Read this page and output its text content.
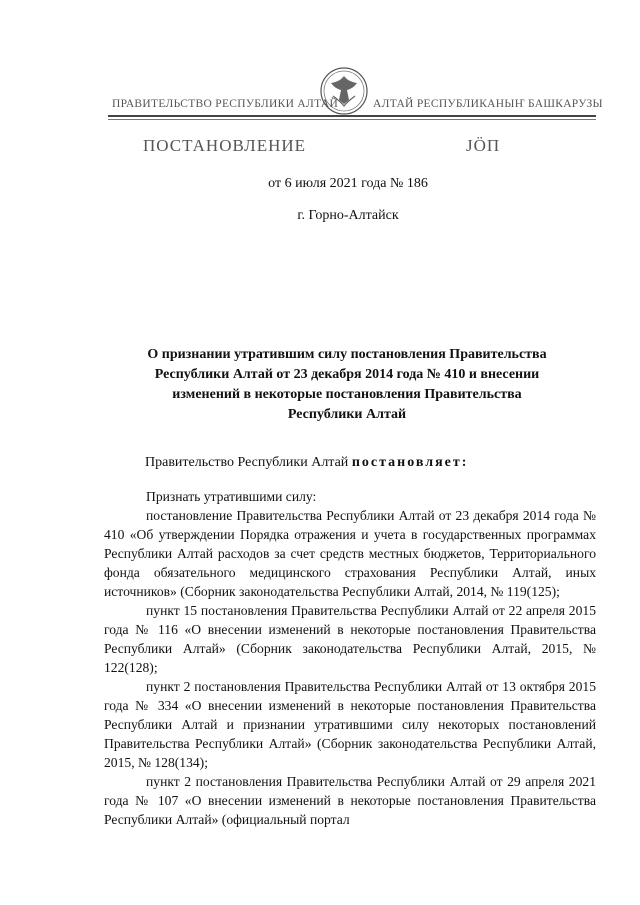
ПРАВИТЕЛЬСТВО РЕСПУБЛИКИ АЛТАЙ	АЛТАЙ РЕСПУБЛИКАНЫҤ БАШКАРУЗЫ
ПОСТАНОВЛЕНИЕ	ЈÖП
от 6 июля 2021 года № 186
г. Горно-Алтайск
О признании утратившим силу постановления Правительства
Республики Алтай от 23 декабря 2014 года № 410 и внесении
изменений в некоторые постановления Правительства
Республики Алтай
Правительство Республики Алтай постановляет:

Признать утратившими силу:

постановление Правительства Республики Алтай от 23 декабря 2014 года № 410 «Об утверждении Порядка отражения и учета в государственных программах Республики Алтай расходов за счет средств местных бюджетов, Территориального фонда обязательного медицинского страхования Республики Алтай, иных источников» (Сборник законодательства Республики Алтай, 2014, № 119(125);

пункт 15 постановления Правительства Республики Алтай от 22 апреля 2015 года № 116 «О внесении изменений в некоторые постановления Правительства Республики Алтай» (Сборник законодательства Республики Алтай, 2015, № 122(128);

пункт 2 постановления Правительства Республики Алтай от 13 октября 2015 года № 334 «О внесении изменений в некоторые постановления Правительства Республики Алтай и признании утратившими силу некоторых постановлений Правительства Республики Алтай» (Сборник законодательства Республики Алтай, 2015, № 128(134);

пункт 2 постановления Правительства Республики Алтай от 29 апреля 2021 года № 107 «О внесении изменений в некоторые постановления Правительства Республики Алтай» (официальный портал
